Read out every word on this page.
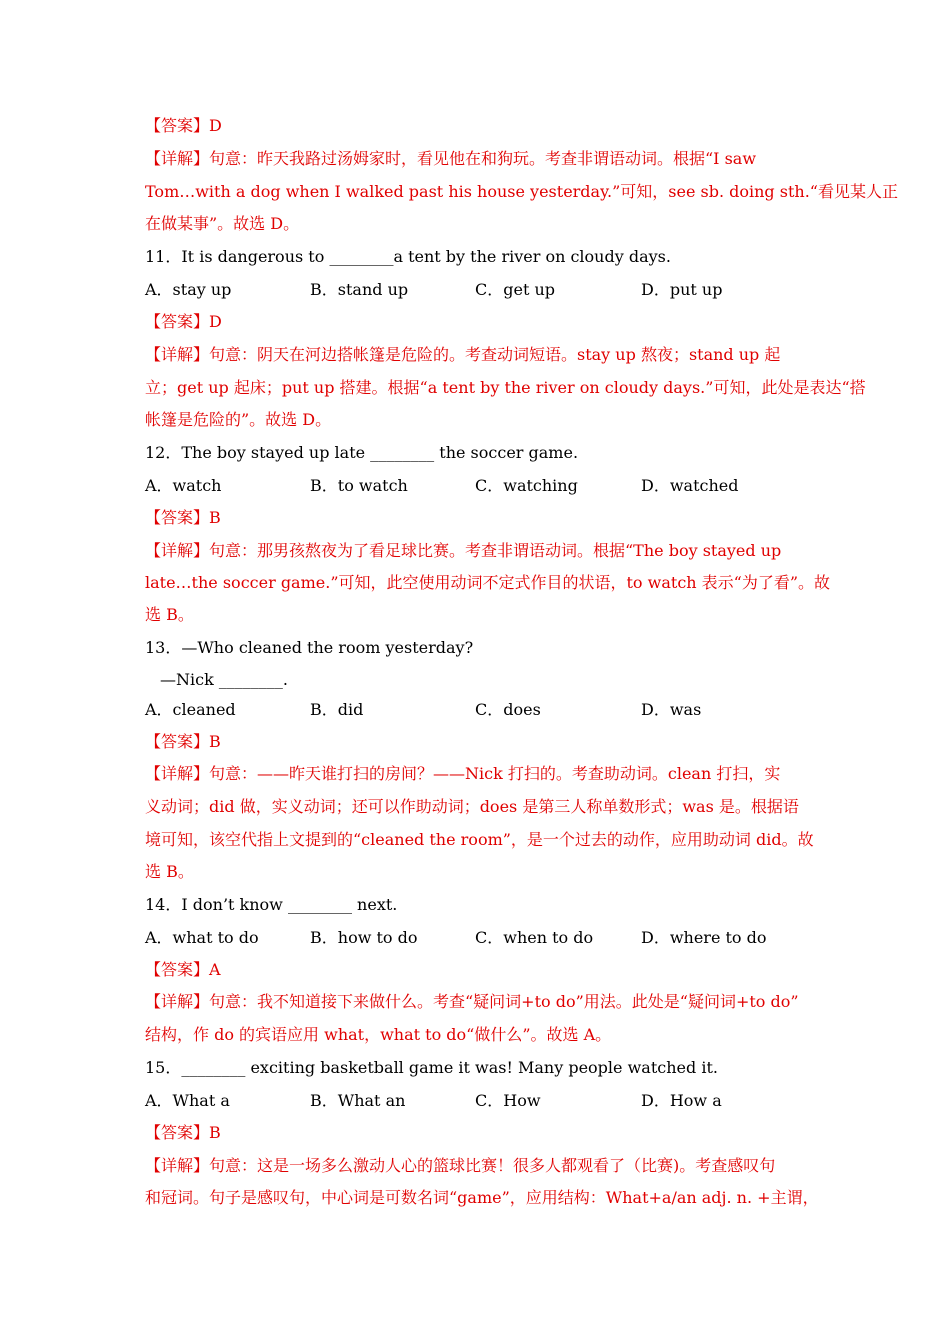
【答案】D
【详解】句意：昨天我路过汤姆家时，看见他在和狗玩。考查非谓语动词。根据“I saw
Tom…with a dog when I walked past his house yesterday.”可知，see sb. doing sth.“看见某人正
在做某事”。故选 D。
11．It is dangerous to ________a tent by the river on cloudy days.
A．stay up	B．stand up	C．get up	D．put up
【答案】D
【详解】句意：阴天在河边搭帐篷是危险的。考查动词短语。stay up 熬夜；stand up 起
立；get up 起床；put up 搭建。根据“a tent by the river on cloudy days.”可知，此处是表达“搭
帐篷是危险的”。故选 D。
12．The boy stayed up late ________ the soccer game.
A．watch	B．to watch	C．watching	D．watched
【答案】B
【详解】句意：那男孩熬夜为了看足球比赛。考查非谓语动词。根据“The boy stayed up
late…the soccer game.”可知，此空使用动词不定式作目的状语，to watch 表示“为了看”。故
选 B。
13．—Who cleaned the room yesterday?
—Nick ________.
A．cleaned	B．did	C．does	D．was
【答案】B
【详解】句意：——昨天谁打扫的房间？——Nick 打扫的。考查助动词。clean 打扫，实
义动词；did 做，实义动词；还可以作助动词；does 是第三人称单数形式；was 是。根据语
境可知，该空代指上文提到的“cleaned the room”，是一个过去的动作，应用助动词 did。故
选 B。
14．I don’t know ________ next.
A．what to do	B．how to do	C．when to do	D．where to do
【答案】A
【详解】句意：我不知道接下来做什么。考查“疑问词+to do”用法。此处是“疑问词+to do”
结构，作 do 的宾语应用 what，what to do“做什么”。故选 A。
15．________ exciting basketball game it was! Many people watched it.
A．What a	B．What an	C．How	D．How a
【答案】B
【详解】句意：这是一场多么激动人心的篮球比赛！很多人都观看了（比赛)。考查感叹句
和冠词。句子是感叹句，中心词是可数名词“game”，应用结构：What+a/an adj. n. +主谓，
